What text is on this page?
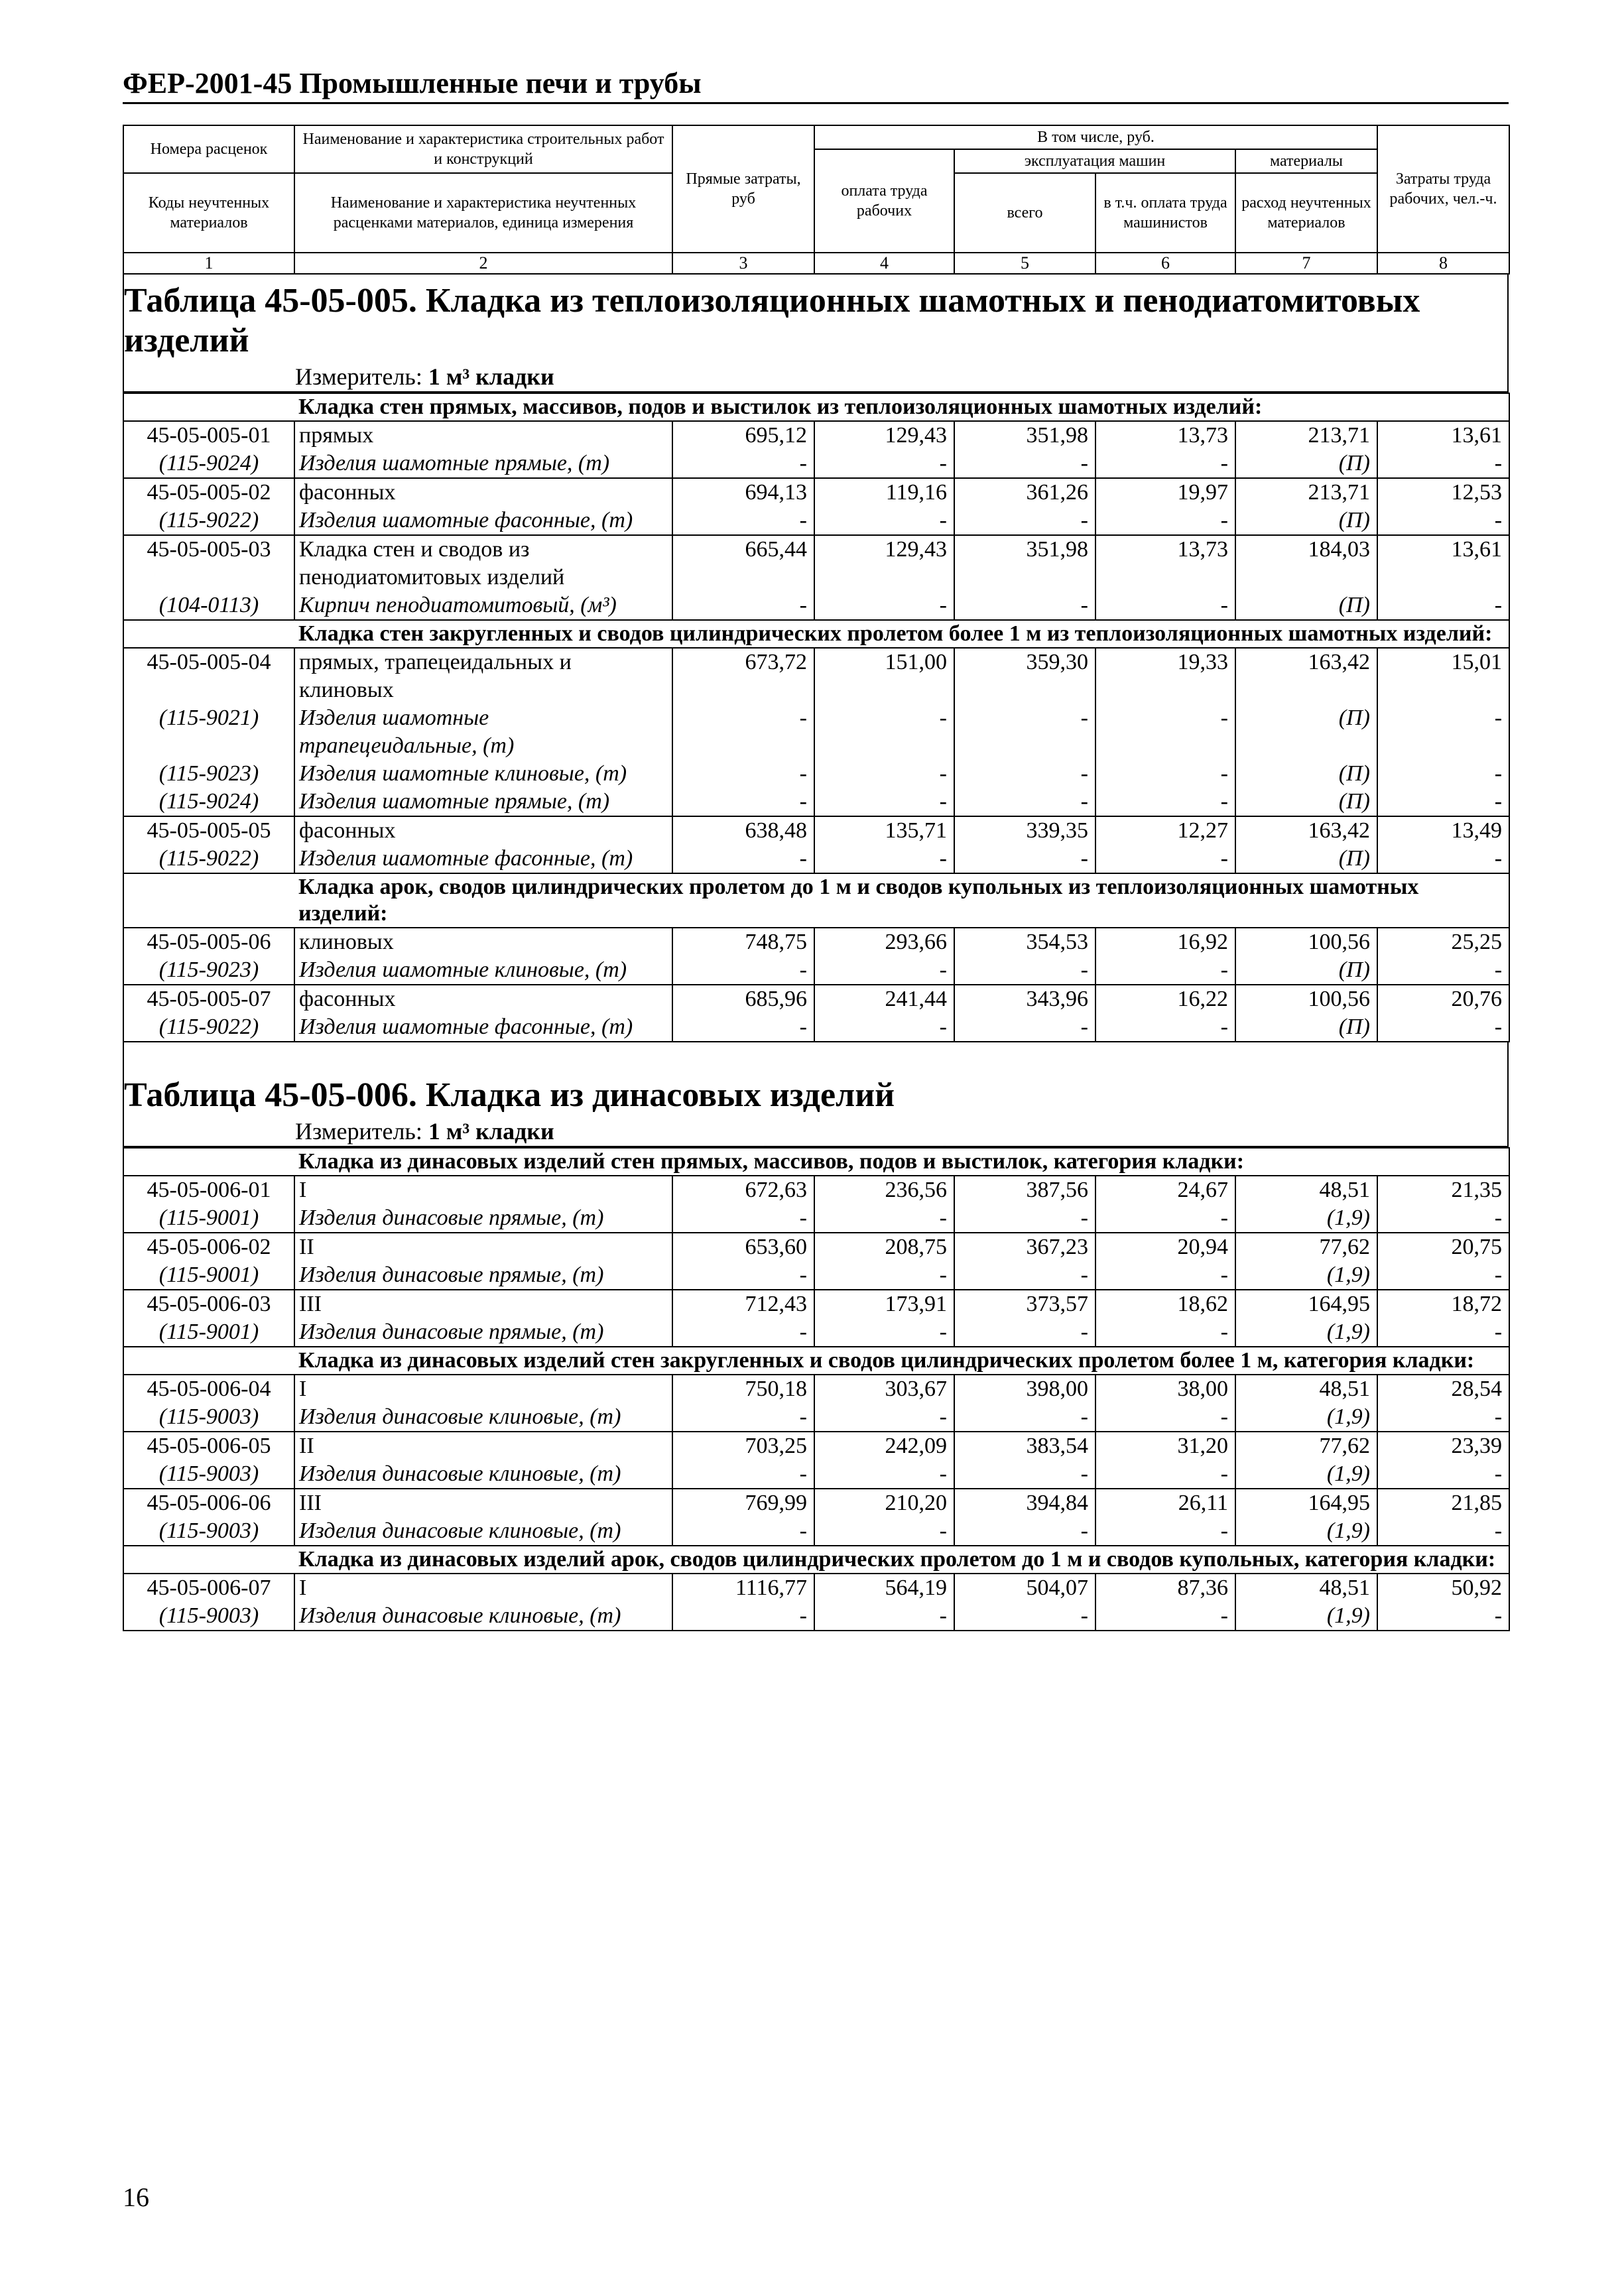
ФЕР-2001-45 Промышленные печи и трубы
Номера расценок	Наименование и характеристика строительных работ и конструкций	Прямые затраты, руб	В том числе, руб.				Затраты труда рабочих, чел.-ч.
			оплата труда рабочих	эксплуатация машин		материалы	
Коды неучтенных материалов	Наименование и характеристика неучтенных расценками материалов, единица измерения			всего	в т.ч. оплата труда машинистов	расход неучтенных материалов	

1	2	3	4	5	6	7	8
Таблица 45-05-005. Кладка из теплоизоляционных шамотных и пенодиатомитовых изделий
Измеритель: 1 м³ кладки
	Кладка стен прямых, массивов, подов и выстилок из теплоизоляционных шамотных изделий:						
45-05-005-01	прямых	695,12	129,43	351,98	13,73	213,71	13,61
(115-9024)	Изделия шамотные прямые, (т)	-	-	-	-	(П)	-
45-05-005-02	фасонных	694,13	119,16	361,26	19,97	213,71	12,53
(115-9022)	Изделия шамотные фасонные, (т)	-	-	-	-	(П)	-
45-05-005-03	Кладка стен и сводов из пенодиатомитовых изделий	665,44	129,43	351,98	13,73	184,03	13,61
(104-0113)	Кирпич пенодиатомитовый, (м³)	-	-	-	-	(П)	-
	Кладка стен закругленных и сводов цилиндрических пролетом более 1 м из теплоизоляционных шамотных изделий:						
45-05-005-04	прямых, трапецеидальных и клиновых	673,72	151,00	359,30	19,33	163,42	15,01
(115-9021)	Изделия шамотные трапецеидальные, (т)	-	-	-	-	(П)	-
(115-9023)	Изделия шамотные клиновые, (т)	-	-	-	-	(П)	-
(115-9024)	Изделия шамотные прямые, (т)	-	-	-	-	(П)	-
45-05-005-05	фасонных	638,48	135,71	339,35	12,27	163,42	13,49
(115-9022)	Изделия шамотные фасонные, (т)	-	-	-	-	(П)	-
	Кладка арок, сводов цилиндрических пролетом до 1 м и сводов купольных из теплоизоляционных шамотных изделий:						
45-05-005-06	клиновых	748,75	293,66	354,53	16,92	100,56	25,25
(115-9023)	Изделия шамотные клиновые, (т)	-	-	-	-	(П)	-
45-05-005-07	фасонных	685,96	241,44	343,96	16,22	100,56	20,76
(115-9022)	Изделия шамотные фасонные, (т)	-	-	-	-	(П)	-
Таблица 45-05-006. Кладка из динасовых изделий
Измеритель: 1 м³ кладки
	Кладка из динасовых изделий стен прямых, массивов, подов и выстилок, категория кладки:						
45-05-006-01	I	672,63	236,56	387,56	24,67	48,51	21,35
(115-9001)	Изделия динасовые прямые, (т)	-	-	-	-	(1,9)	-
45-05-006-02	II	653,60	208,75	367,23	20,94	77,62	20,75
(115-9001)	Изделия динасовые прямые, (т)	-	-	-	-	(1,9)	-
45-05-006-03	III	712,43	173,91	373,57	18,62	164,95	18,72
(115-9001)	Изделия динасовые прямые, (т)	-	-	-	-	(1,9)	-
	Кладка из динасовых изделий стен закругленных и сводов цилиндрических пролетом более 1 м, категория кладки:						
45-05-006-04	I	750,18	303,67	398,00	38,00	48,51	28,54
(115-9003)	Изделия динасовые клиновые, (т)	-	-	-	-	(1,9)	-
45-05-006-05	II	703,25	242,09	383,54	31,20	77,62	23,39
(115-9003)	Изделия динасовые клиновые, (т)	-	-	-	-	(1,9)	-
45-05-006-06	III	769,99	210,20	394,84	26,11	164,95	21,85
(115-9003)	Изделия динасовые клиновые, (т)	-	-	-	-	(1,9)	-
	Кладка из динасовых изделий арок, сводов цилиндрических пролетом до 1 м и сводов купольных, категория кладки:						
45-05-006-07	I	1116,77	564,19	504,07	87,36	48,51	50,92
(115-9003)	Изделия динасовые клиновые, (т)	-	-	-	-	(1,9)	-
16
